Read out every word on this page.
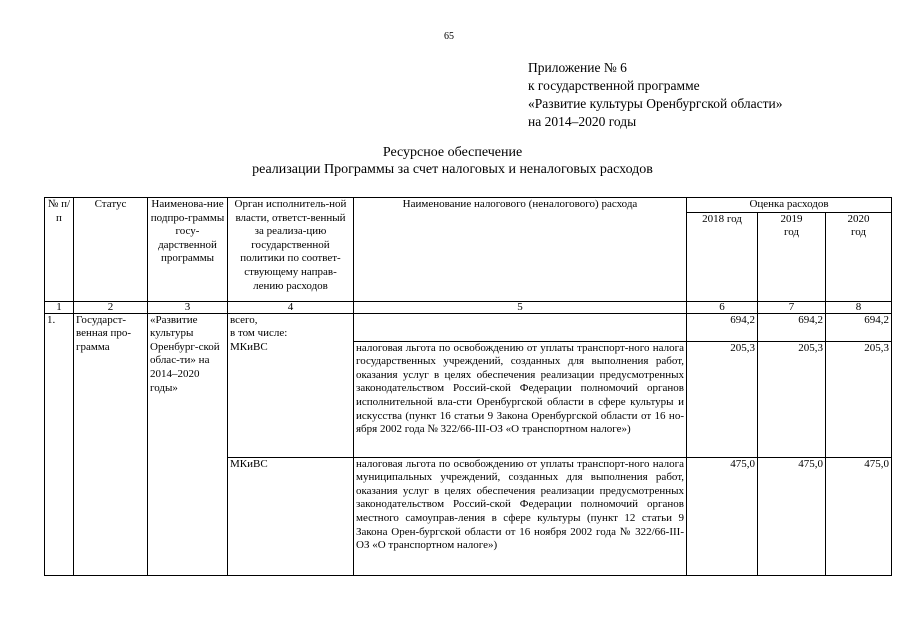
65
Приложение № 6
к государственной программе
«Развитие культуры Оренбургской области»
на 2014–2020 годы
Ресурсное обеспечение
реализации Программы за счет налоговых и неналоговых расходов
№ п/п	Статус	Наименова-ние подпро-граммы госу-дарственной программы	Орган исполнитель-ной власти, ответст-венный за реализа-цию государственной политики по соответ-ствующему направ-лению расходов	Наименование налогового (неналогового) расхода	Оценка расходов		
					2018 год	2019 год	2020 год
1	2	3	4	5	6	7	8
1.	Государст-венная про-грамма	«Развитие культуры Оренбург-ской облас-ти» на 2014–2020 годы»	всего,
в том числе:		694,2	694,2	694,2
			МКиВС	налоговая льгота по освобождению от уплаты транспорт-ного налога государственных учреждений, созданных для выполнения работ, оказания услуг в целях обеспечения реализации предусмотренных законодательством Россий-ской Федерации полномочий органов исполнительной вла-сти Оренбургской области в сфере культуры и искусства (пункт 16 статьи 9 Закона Оренбургской области от 16 но-ября 2002 года № 322/66-III-ОЗ «О транспортном налоге»)	205,3	205,3	205,3
			МКиВС	налоговая льгота по освобождению от уплаты транспорт-ного налога муниципальных учреждений, созданных для выполнения работ, оказания услуг в целях обеспечения реализации предусмотренных законодательством Россий-ской Федерации полномочий органов местного самоуправ-ления в сфере культуры (пункт 12 статьи 9 Закона Орен-бургской области от 16 ноября 2002 года № 322/66-III-ОЗ «О транспортном налоге»)	475,0	475,0	475,0
